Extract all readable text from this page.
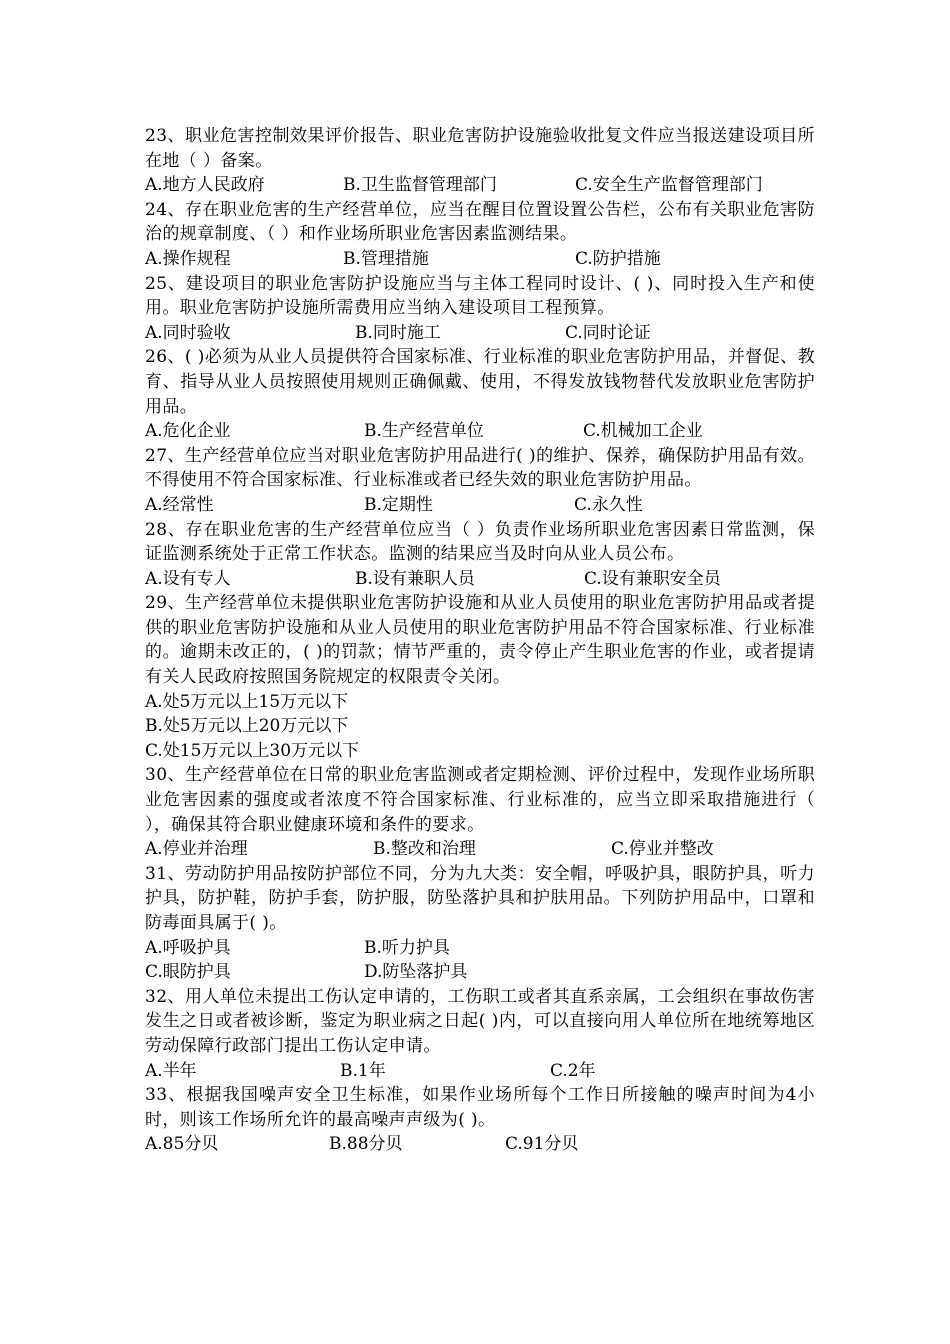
23、职业危害控制效果评价报告、职业危害防护设施验收批复文件应当报送建设项目所在地（ ）备案。

A.地方人民政府	B.卫生监督管理部门	C.安全生产监督管理部门

24、存在职业危害的生产经营单位，应当在醒目位置设置公告栏，公布有关职业危害防治的规章制度、（ ）和作业场所职业危害因素监测结果。

A.操作规程	B.管理措施	C.防护措施

25、建设项目的职业危害防护设施应当与主体工程同时设计、( )、同时投入生产和使用。职业危害防护设施所需费用应当纳入建设项目工程预算。

A.同时验收	B.同时施工	C.同时论证

26、( )必须为从业人员提供符合国家标准、行业标准的职业危害防护用品，并督促、教育、指导从业人员按照使用规则正确佩戴、使用，不得发放钱物替代发放职业危害防护用品。

A.危化企业	B.生产经营单位	C.机械加工企业

27、生产经营单位应当对职业危害防护用品进行( )的维护、保养，确保防护用品有效。不得使用不符合国家标准、行业标准或者已经失效的职业危害防护用品。

A.经常性	B.定期性	C.永久性

28、存在职业危害的生产经营单位应当（ ）负责作业场所职业危害因素日常监测，保证监测系统处于正常工作状态。监测的结果应当及时向从业人员公布。

A.设有专人	B.设有兼职人员	C.设有兼职安全员

29、生产经营单位未提供职业危害防护设施和从业人员使用的职业危害防护用品或者提供的职业危害防护设施和从业人员使用的职业危害防护用品不符合国家标准、行业标准的。逾期未改正的，( )的罚款；情节严重的，责令停止产生职业危害的作业，或者提请有关人民政府按照国务院规定的权限责令关闭。

A.处5万元以上15万元以下

B.处5万元以上20万元以下

C.处15万元以上30万元以下

30、生产经营单位在日常的职业危害监测或者定期检测、评价过程中，发现作业场所职业危害因素的强度或者浓度不符合国家标准、行业标准的，应当立即采取措施进行（ ），确保其符合职业健康环境和条件的要求。

A.停业并治理	B.整改和治理	C.停业并整改

31、劳动防护用品按防护部位不同，分为九大类：安全帽，呼吸护具，眼防护具，听力护具，防护鞋，防护手套，防护服，防坠落护具和护肤用品。下列防护用品中，口罩和防毒面具属于( )。

A.呼吸护具	B.听力护具
C.眼防护具	D.防坠落护具

32、用人单位未提出工伤认定申请的，工伤职工或者其直系亲属，工会组织在事故伤害发生之日或者被诊断，鉴定为职业病之日起( )内，可以直接向用人单位所在地统筹地区劳动保障行政部门提出工伤认定申请。

A.半年	B.1年	C.2年

33、根据我国噪声安全卫生标准，如果作业场所每个工作日所接触的噪声时间为4小时，则该工作场所允许的最高噪声声级为( )。

A.85分贝	B.88分贝	C.91分贝
